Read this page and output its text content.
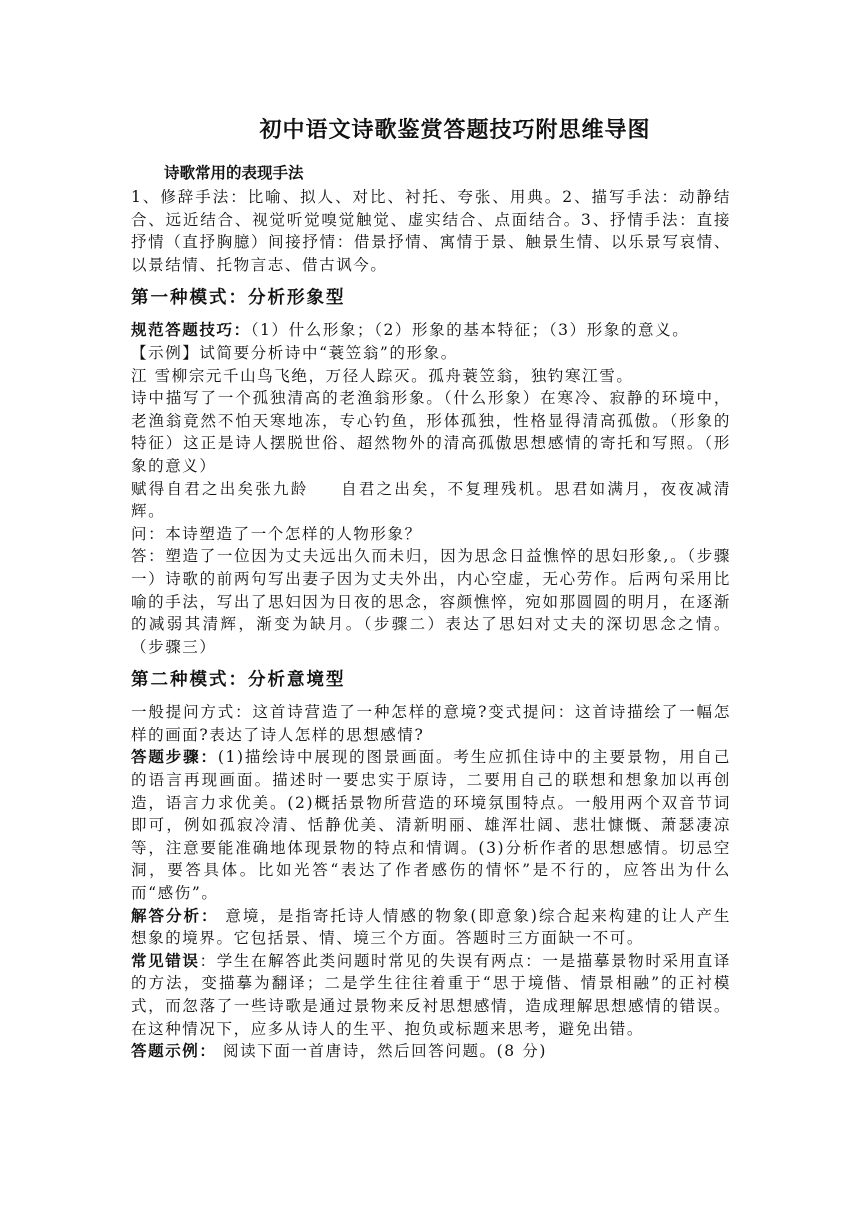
初中语文诗歌鉴赏答题技巧附思维导图
诗歌常用的表现手法

1、修辞手法：比喻、拟人、对比、衬托、夸张、用典。2、描写手法：动静结合、远近结合、视觉听觉嗅觉触觉、虚实结合、点面结合。3、抒情手法：直接抒情（直抒胸臆）间接抒情：借景抒情、寓情于景、触景生情、以乐景写哀情、以景结情、托物言志、借古讽今。

第一种模式：分析形象型

规范答题技巧：（1）什么形象；（2）形象的基本特征；（3）形象的意义。

【示例】试简要分析诗中“蓑笠翁”的形象。

江 雪柳宗元千山鸟飞绝，万径人踪灭。孤舟蓑笠翁，独钓寒江雪。

诗中描写了一个孤独清高的老渔翁形象。（什么形象）在寒冷、寂静的环境中，老渔翁竟然不怕天寒地冻，专心钓鱼，形体孤独，性格显得清高孤傲。（形象的特征）这正是诗人摆脱世俗、超然物外的清高孤傲思想感情的寄托和写照。（形象的意义）

赋得自君之出矣张九龄 自君之出矣，不复理残机。思君如满月，夜夜减清辉。

问：本诗塑造了一个怎样的人物形象？

答：塑造了一位因为丈夫远出久而未归，因为思念日益憔悴的思妇形象,。（步骤一）诗歌的前两句写出妻子因为丈夫外出，内心空虚，无心劳作。后两句采用比喻的手法，写出了思妇因为日夜的思念，容颜憔悴，宛如那圆圆的明月，在逐渐的减弱其清辉，渐变为缺月。（步骤二）表达了思妇对丈夫的深切思念之情。（步骤三）

第二种模式：分析意境型

一般提问方式：这首诗营造了一种怎样的意境?变式提问：这首诗描绘了一幅怎样的画面?表达了诗人怎样的思想感情?

答题步骤：(1)描绘诗中展现的图景画面。考生应抓住诗中的主要景物，用自己的语言再现画面。描述时一要忠实于原诗，二要用自己的联想和想象加以再创造，语言力求优美。(2)概括景物所营造的环境氛围特点。一般用两个双音节词即可，例如孤寂冷清、恬静优美、清新明丽、雄浑壮阔、悲壮慷慨、萧瑟凄凉等，注意要能准确地体现景物的特点和情调。(3)分析作者的思想感情。切忌空洞，要答具体。比如光答“表达了作者感伤的情怀”是不行的，应答出为什么而“感伤”。

解答分析： 意境，是指寄托诗人情感的物象(即意象)综合起来构建的让人产生想象的境界。它包括景、情、境三个方面。答题时三方面缺一不可。

常见错误：学生在解答此类问题时常见的失误有两点：一是描摹景物时采用直译的方法，变描摹为翻译；二是学生往往着重于“思于境偕、情景相融”的正衬模式，而忽落了一些诗歌是通过景物来反衬思想感情，造成理解思想感情的错误。在这种情况下，应多从诗人的生平、抱负或标题来思考，避免出错。

答题示例： 阅读下面一首唐诗，然后回答问题。(8 分)
